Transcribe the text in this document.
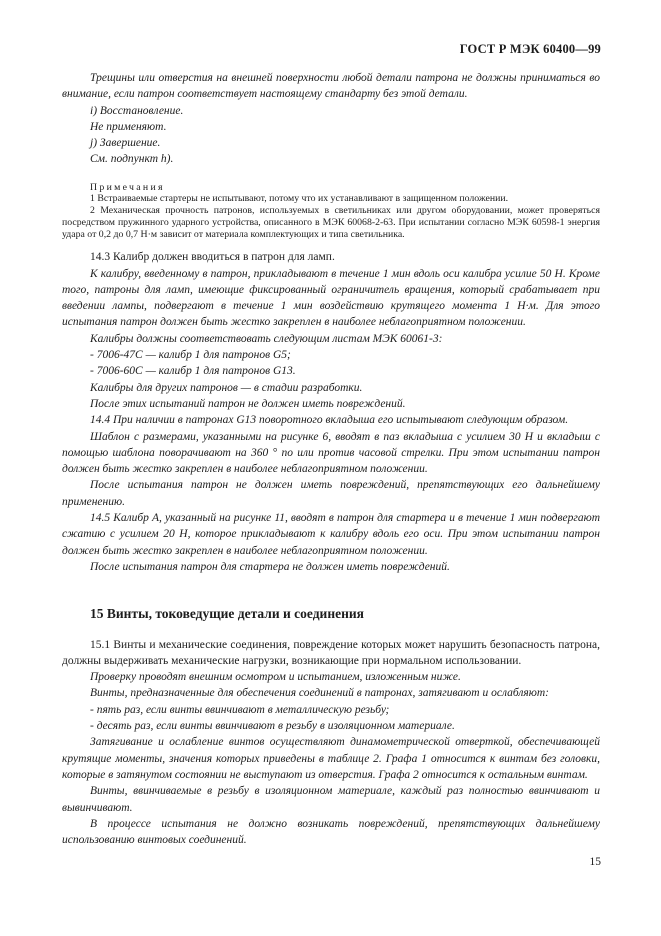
ГОСТ Р МЭК 60400—99

Трещины или отверстия на внешней поверхности любой детали патрона не должны приниматься во внимание, если патрон соответствует настоящему стандарту без этой детали.

i) Восстановление.

Не применяют.

j) Завершение.

См. подпункт h).

Примечания

1 Встраиваемые стартеры не испытывают, потому что их устанавливают в защищенном положении.

2 Механическая прочность патронов, используемых в светильниках или другом оборудовании, может проверяться посредством пружинного ударного устройства, описанного в МЭК 60068-2-63. При испытании согласно МЭК 60598-1 энергия удара от 0,2 до 0,7 Н·м зависит от материала комплектующих и типа светильника.

14.3 Калибр должен вводиться в патрон для ламп.

К калибру, введенному в патрон, прикладывают в течение 1 мин вдоль оси калибра усилие 50 Н. Кроме того, патроны для ламп, имеющие фиксированный ограничитель вращения, который срабатывает при введении лампы, подвергают в течение 1 мин воздействию крутящего момента 1 Н·м. Для этого испытания патрон должен быть жестко закреплен в наиболее неблагоприятном положении.

Калибры должны соответствовать следующим листам МЭК 60061-3:

- 7006-47С — калибр 1 для патронов G5;

- 7006-60С — калибр 1 для патронов G13.

Калибры для других патронов — в стадии разработки.

После этих испытаний патрон не должен иметь повреждений.

14.4 При наличии в патронах G13 поворотного вкладыша его испытывают следующим образом.

Шаблон с размерами, указанными на рисунке 6, вводят в паз вкладыша с усилием 30 Н и вкладыш с помощью шаблона поворачивают на 360 ° по или против часовой стрелки. При этом испытании патрон должен быть жестко закреплен в наиболее неблагоприятном положении.

После испытания патрон не должен иметь повреждений, препятствующих его дальнейшему применению.

14.5 Калибр А, указанный на рисунке 11, вводят в патрон для стартера и в течение 1 мин подвергают сжатию с усилием 20 Н, которое прикладывают к калибру вдоль его оси. При этом испытании патрон должен быть жестко закреплен в наиболее неблагоприятном положении.

После испытания патрон для стартера не должен иметь повреждений.

15 Винты, токоведущие детали и соединения

15.1 Винты и механические соединения, повреждение которых может нарушить безопасность патрона, должны выдерживать механические нагрузки, возникающие при нормальном использовании.

Проверку проводят внешним осмотром и испытанием, изложенным ниже.

Винты, предназначенные для обеспечения соединений в патронах, затягивают и ослабляют:

- пять раз, если винты ввинчивают в металлическую резьбу;

- десять раз, если винты ввинчивают в резьбу в изоляционном материале.

Затягивание и ослабление винтов осуществляют динамометрической отверткой, обеспечивающей крутящие моменты, значения которых приведены в таблице 2. Графа 1 относится к винтам без головки, которые в затянутом состоянии не выступают из отверстия. Графа 2 относится к остальным винтам.

Винты, ввинчиваемые в резьбу в изоляционном материале, каждый раз полностью ввинчивают и вывинчивают.

В процессе испытания не должно возникать повреждений, препятствующих дальнейшему использованию винтовых соединений.

15
